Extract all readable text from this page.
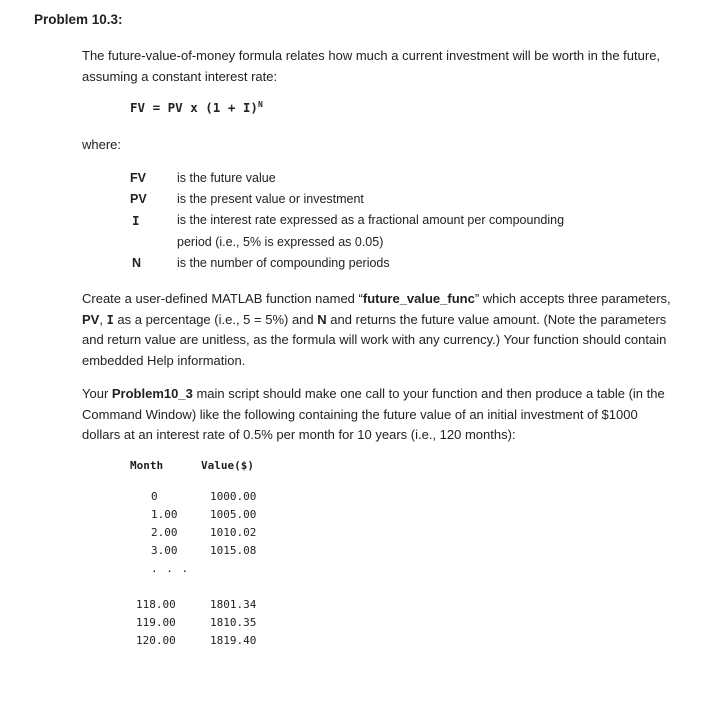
Problem 10.3:
The future-value-of-money formula relates how much a current investment will be worth in the future,
assuming a constant interest rate:
FV = PV x $(1 + I)^N$
where:
FV is the future value
PV is the present value or investment
I	is the interest rate expressed as a fractional amount per compounding
period (i.e., 5% is expressed as 0.05)
N	is the number of compounding periods
Create a user-defined MATLAB function named “future_value_func” which accepts three parameters,
PV, I as a percentage (i.e., 5 = 5%) and N and returns the future value amount. (Note the parameters
and return value are unitless, as the formula will work with any currency.) Your function should contain
embedded Help information.
Your Problem10_3 main script should make one call to your function and then produce a table (in the
Command Window) like the following containing the future value of an initial investment of $1000
dollars at an interest rate of 0.5% per month for 10 years (i.e., 120 months):
Month	Value($)
0	1000.00
1.00	1005.00
2.00	1010.02
3.00	1015.08
. . .
118.00	1801.34
119.00	1810.35
120.00	1819.40
